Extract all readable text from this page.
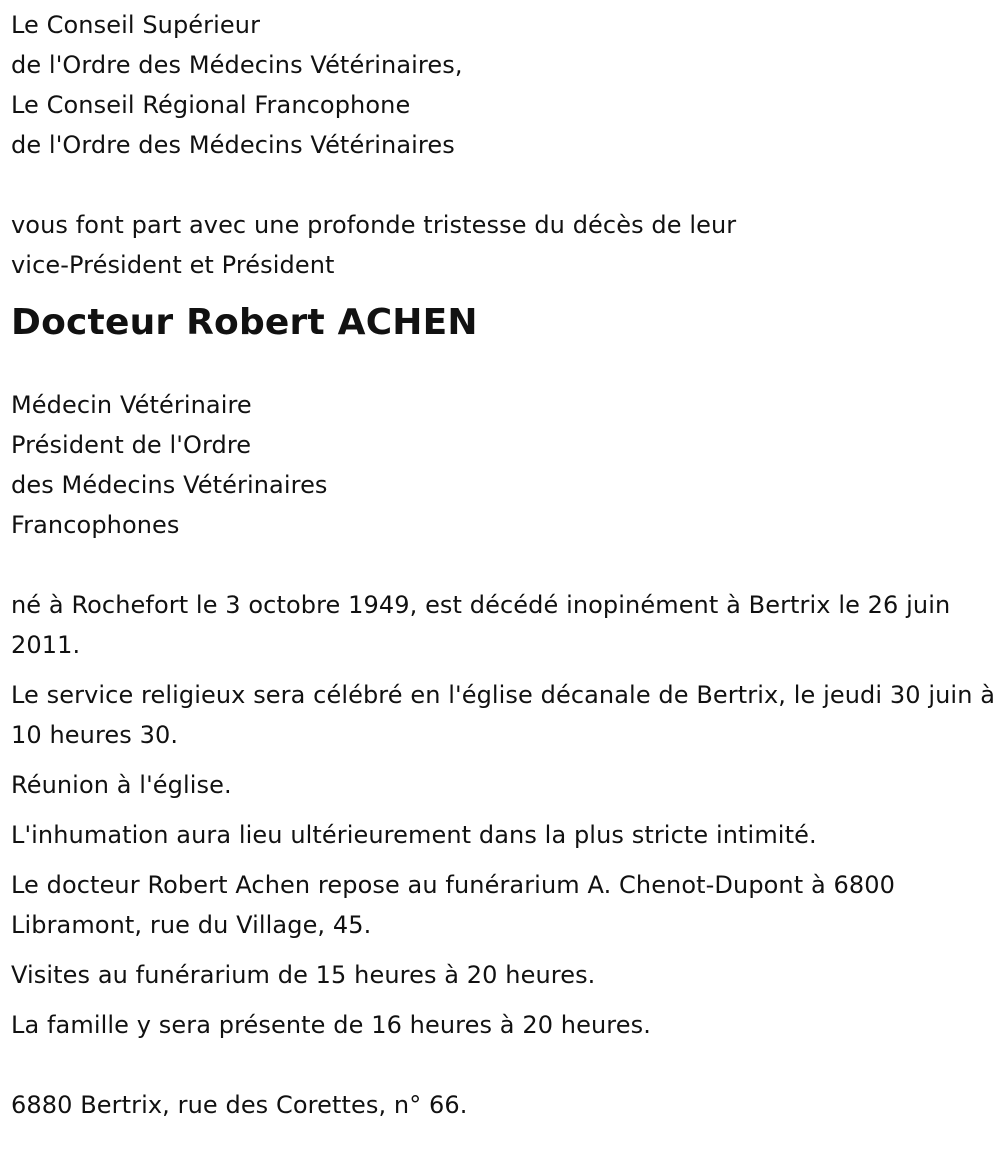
Le Conseil Supérieur
de l'Ordre des Médecins Vétérinaires,
Le Conseil Régional Francophone
de l'Ordre des Médecins Vétérinaires
vous font part avec une profonde tristesse du décès de leur
vice-Président et Président
Docteur Robert ACHEN
Médecin Vétérinaire
Président de l'Ordre
des Médecins Vétérinaires
Francophones

né à Rochefort le 3 octobre 1949, est décédé inopinément à Bertrix le 26 juin 2011.

Le service religieux sera célébré en l'église décanale de Bertrix, le jeudi 30 juin à 10 heures 30.

Réunion à l'église.

L'inhumation aura lieu ultérieurement dans la plus stricte intimité.

Le docteur Robert Achen repose au funérarium A. Chenot-Dupont à 6800 Libramont, rue du Village, 45.

Visites au funérarium de 15 heures à 20 heures.

La famille y sera présente de 16 heures à 20 heures.

6880 Bertrix, rue des Corettes, n° 66.
